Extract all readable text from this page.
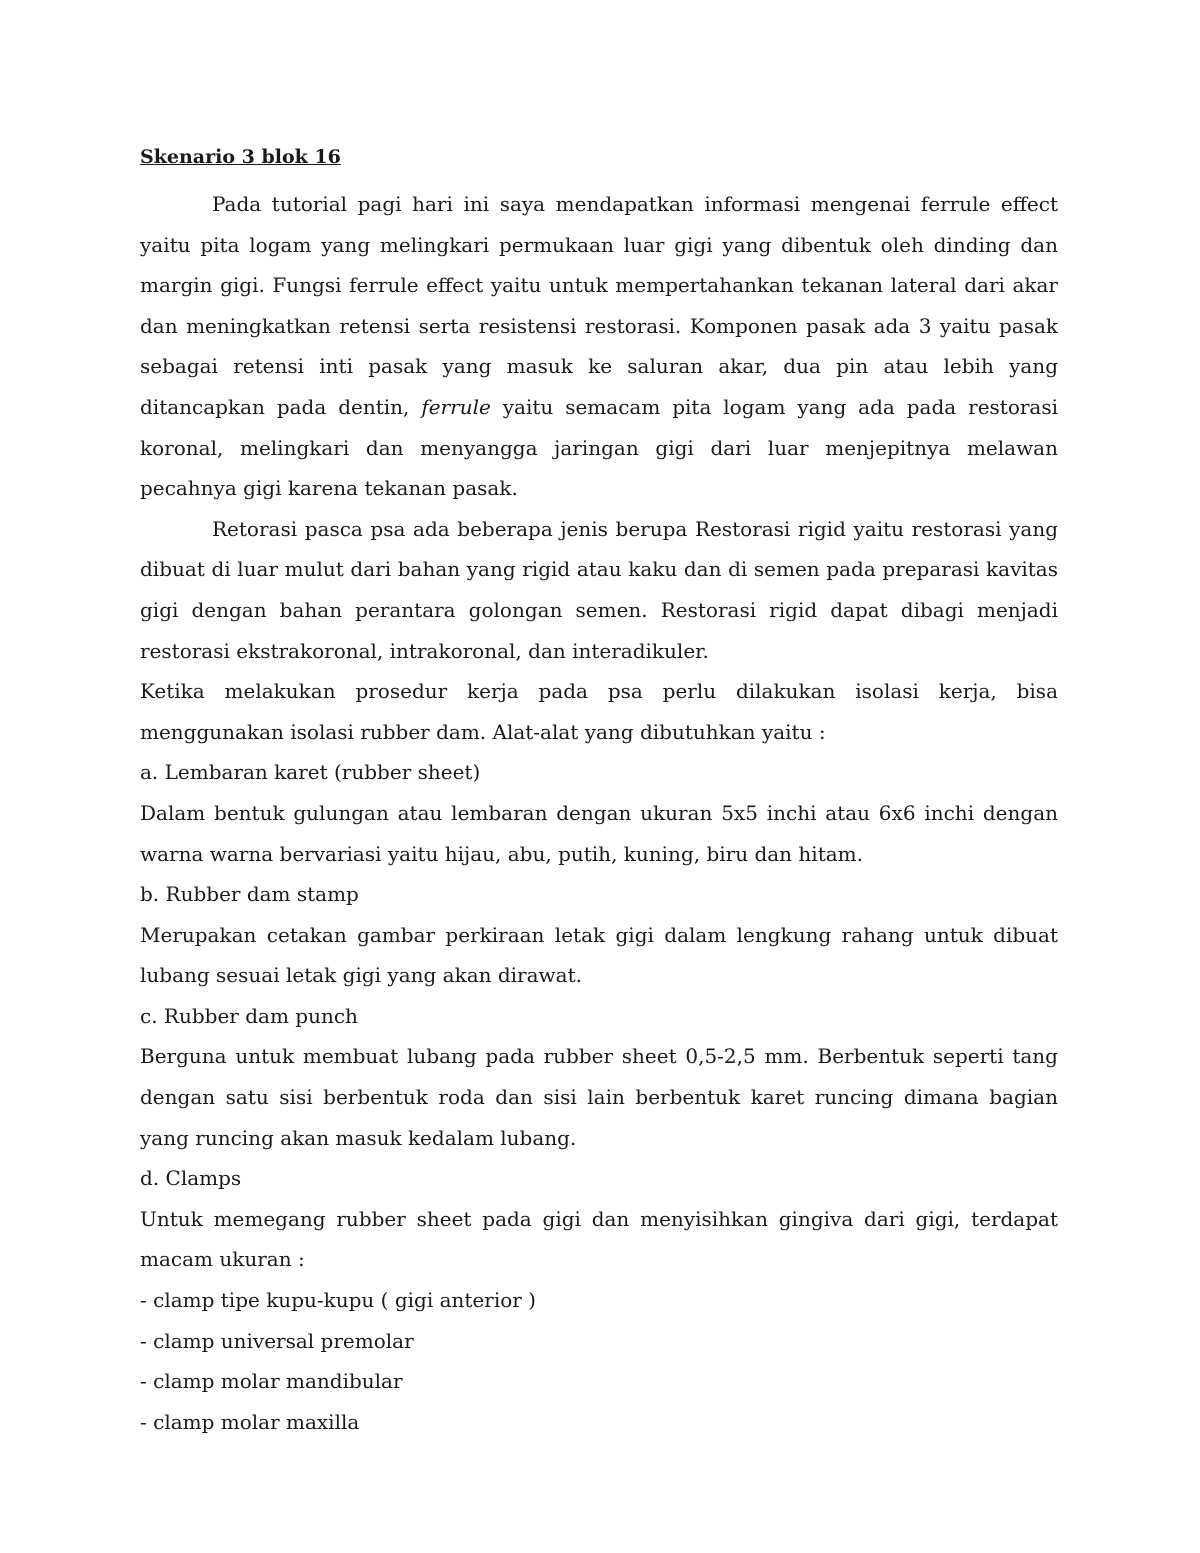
Skenario 3 blok 16

Pada tutorial pagi hari ini saya mendapatkan informasi mengenai ferrule effect yaitu pita logam yang melingkari permukaan luar gigi yang dibentuk oleh dinding dan margin gigi. Fungsi ferrule effect yaitu untuk mempertahankan tekanan lateral dari akar dan meningkatkan retensi serta resistensi restorasi. Komponen pasak ada 3 yaitu pasak sebagai retensi inti pasak yang masuk ke saluran akar, dua pin atau lebih yang ditancapkan pada dentin, ferrule yaitu semacam pita logam yang ada pada restorasi koronal, melingkari dan menyangga jaringan gigi dari luar menjepitnya melawan pecahnya gigi karena tekanan pasak.

Retorasi pasca psa ada beberapa jenis berupa Restorasi rigid yaitu restorasi yang dibuat di luar mulut dari bahan yang rigid atau kaku dan di semen pada preparasi kavitas gigi dengan bahan perantara golongan semen. Restorasi rigid dapat dibagi menjadi restorasi ekstrakoronal, intrakoronal, dan interadikuler.

Ketika melakukan prosedur kerja pada psa perlu dilakukan isolasi kerja, bisa menggunakan isolasi rubber dam. Alat-alat yang dibutuhkan yaitu :

a. Lembaran karet (rubber sheet)

Dalam bentuk gulungan atau lembaran dengan ukuran 5x5 inchi atau 6x6 inchi dengan warna warna bervariasi yaitu hijau, abu, putih, kuning, biru dan hitam.

b. Rubber dam stamp

Merupakan cetakan gambar perkiraan letak gigi dalam lengkung rahang untuk dibuat lubang sesuai letak gigi yang akan dirawat.

c. Rubber dam punch

Berguna untuk membuat lubang pada rubber sheet 0,5-2,5 mm. Berbentuk seperti tang dengan satu sisi berbentuk roda dan sisi lain berbentuk karet runcing dimana bagian yang runcing akan masuk kedalam lubang.

d. Clamps

Untuk memegang rubber sheet pada gigi dan menyisihkan gingiva dari gigi, terdapat macam ukuran :

- clamp tipe kupu-kupu ( gigi anterior )

- clamp universal premolar

- clamp molar mandibular

- clamp molar maxilla
